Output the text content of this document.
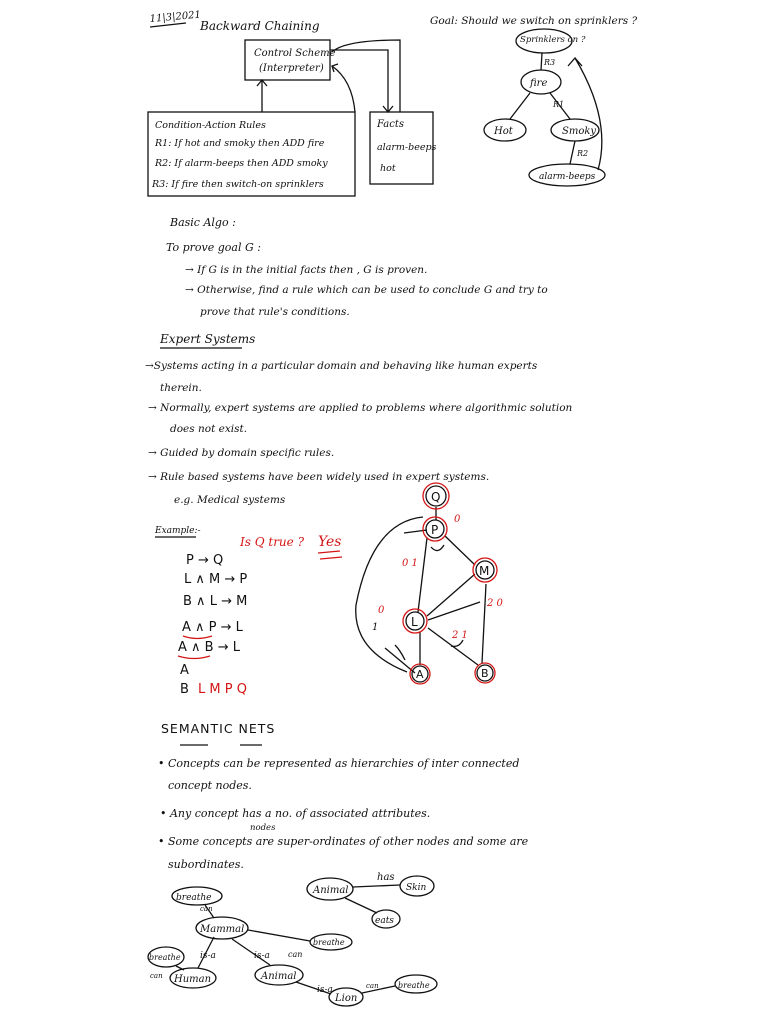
11|3|2021
Backward Chaining	Goal: Should we switch on sprinklers ?
Control Scheme
(Interpreter)
Condition-Action Rules
R1: If hot and smoky then ADD fire
R2: If alarm-beeps then ADD smoky
R3: If fire then switch-on sprinklers
Facts
alarm-beeps
hot
Sprinklers on ?
fire
Hot	Smoky
alarm-beeps
R3
R1
R2
Basic Algo :
To prove goal G :
→ If G is in the initial facts then , G is proven.
→ Otherwise, find a rule which can be used to conclude G and try to
prove that rule's conditions.
Expert Systems
→Systems acting in a particular domain and behaving like human experts
therein.
→ Normally, expert systems are applied to problems where algorithmic solution
does not exist.
→ Guided by domain specific rules.
→ Rule based systems have been widely used in expert systems.
e.g. Medical systems
Example:-
Is Q true ? Yes
P → Q
L ∧ M → P
B ∧ L → M
A ∧ P → L
A ∧ B → L
A
B L M P Q
Q
P
M
L
A	B
0
0 1
2 0
0
2 1
1
SEMANTIC NETS
• Concepts can be represented as hierarchies of inter connected
concept nodes.
• Any concept has a no. of associated attributes.
nodes
• Some concepts are super-ordinates of other nodes and some are
subordinates.
Animal
has
Skin
eats
breathe
can
Mammal
breathe
can
is-a	is-a
breathe
can Human	Animal
is-a
Lion
can breathe
